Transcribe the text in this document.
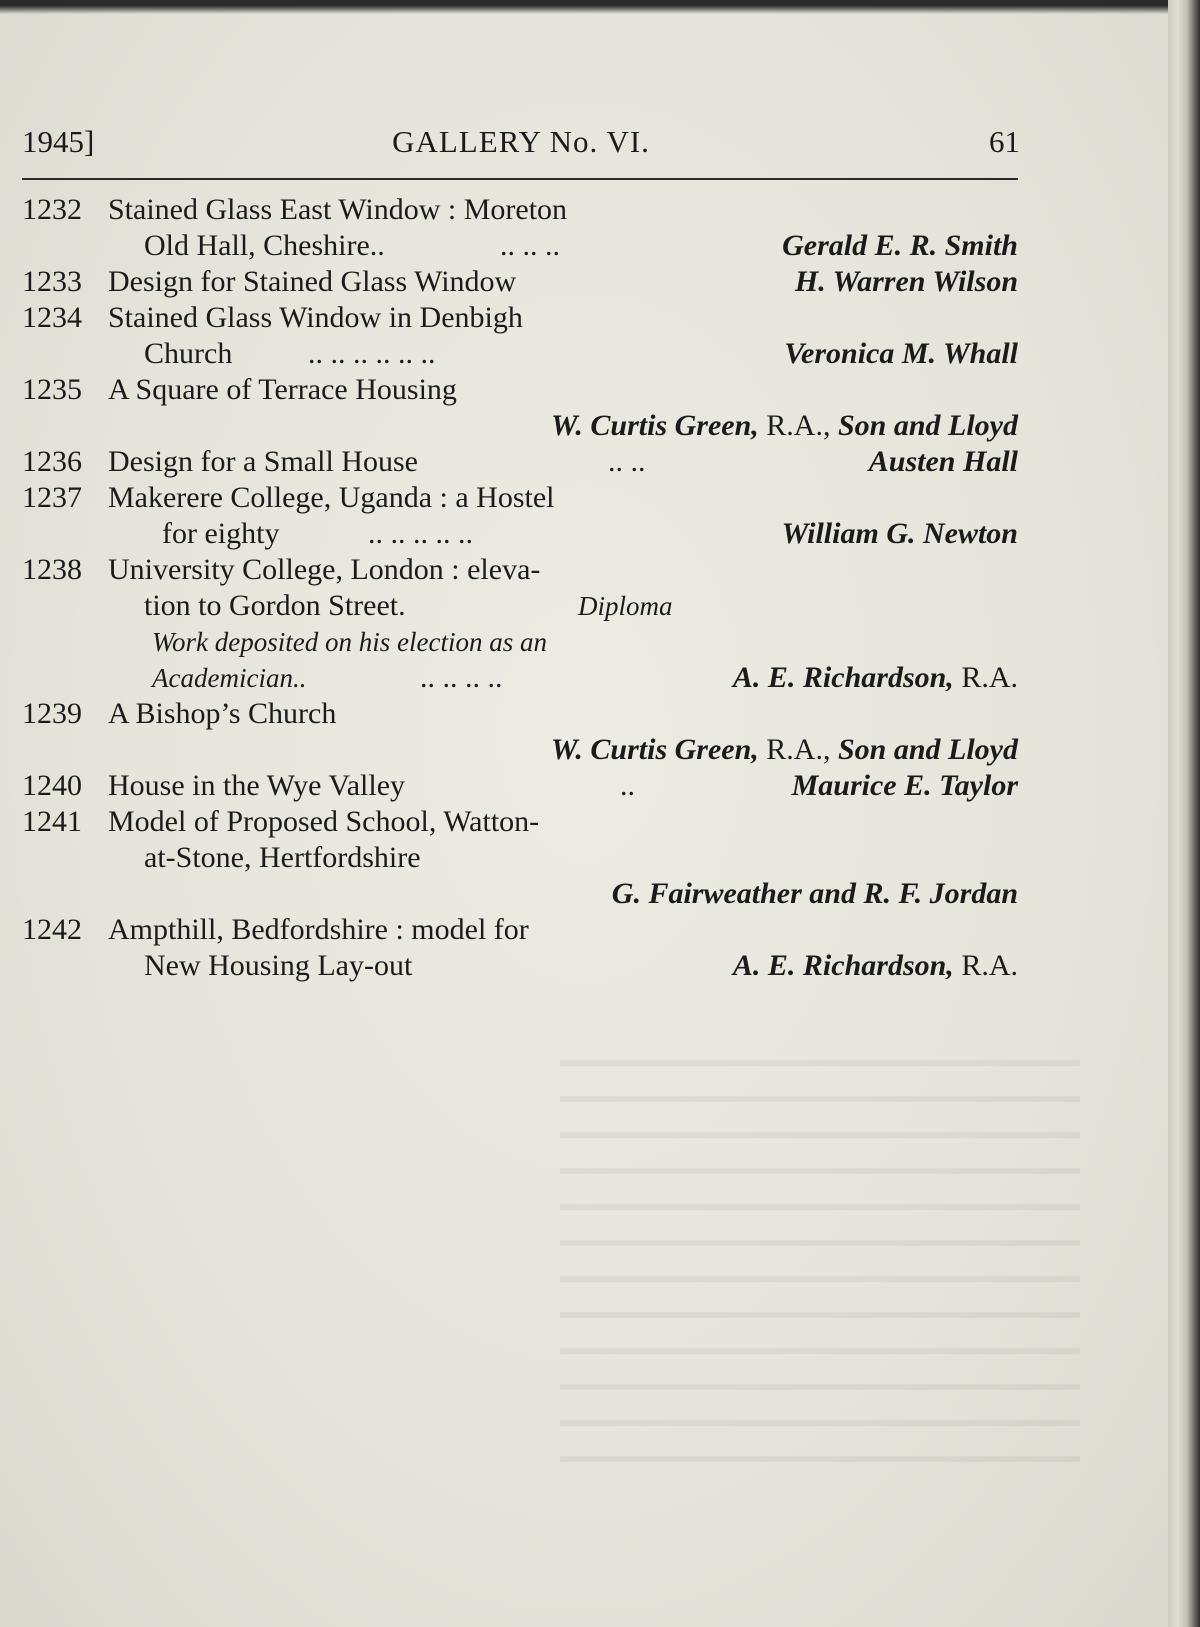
1945]	GALLERY No. VI.	61
1232 Stained Glass East Window : Moreton
Old Hall, Cheshire..	.. .. ..	Gerald E. R. Smith
1233 Design for Stained Glass Window	H. Warren Wilson
1234 Stained Glass Window in Denbigh
Church	.. .. .. .. .. ..	Veronica M. Whall
1235 A Square of Terrace Housing
W. Curtis Green, R.A., Son and Lloyd
1236 Design for a Small House	.. ..	Austen Hall
1237 Makerere College, Uganda : a Hostel
for eighty	.. .. .. .. ..	William G. Newton
1238 University College, London : eleva-
tion to Gordon Street.	Diploma
Work deposited on his election as an
Academician..	.. .. .. ..	A. E. Richardson, R.A.
1239 A Bishop’s Church
W. Curtis Green, R.A., Son and Lloyd
1240 House in the Wye Valley	..	Maurice E. Taylor
1241 Model of Proposed School, Watton-
at-Stone, Hertfordshire
G. Fairweather and R. F. Jordan
1242 Ampthill, Bedfordshire : model for
New Housing Lay-out	A. E. Richardson, R.A.
